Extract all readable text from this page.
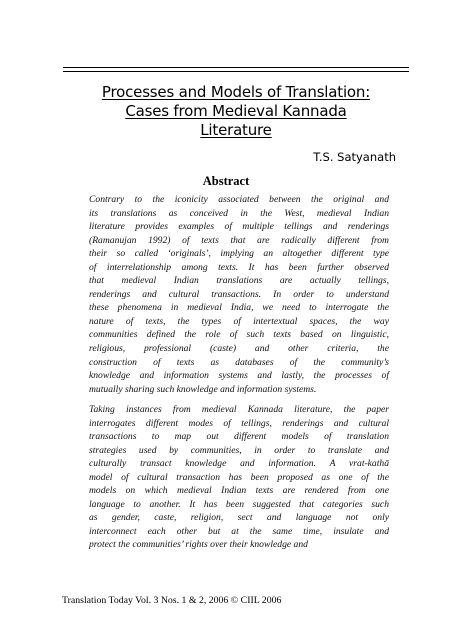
Processes and Models of Translation:
Cases from Medieval Kannada
Literature
T.S. Satyanath
Abstract
Contrary to the iconicity associated between the original and
its translations as conceived in the West, medieval Indian
literature provides examples of multiple tellings and renderings
(Ramanujan 1992) of texts that are radically different from
their so called ‘originals’, implying an altogether different type
of interrelationship among texts. It has been further observed
that medieval Indian translations are actually tellings,
renderings and cultural transactions. In order to understand
these phenomena in medieval India, we need to interrogate the
nature of texts, the types of intertextual spaces, the way
communities defined the role of such texts based on linguistic,
religious, professional (caste) and other criteria, the
construction of texts as databases of the community’s
knowledge and information systems and lastly, the processes of
mutually sharing such knowledge and information systems.
Taking instances from medieval Kannada literature, the paper
interrogates different modes of tellings, renderings and cultural
transactions to map out different models of translation
strategies used by communities, in order to translate and
culturally transact knowledge and information. A vrat-kathā
model of cultural transaction has been proposed as one of the
models on which medieval Indian texts are rendered from one
language to another. It has been suggested that categories such
as gender, caste, religion, sect and language not only
interconnect each other but at the same time, insulate and
protect the communities’ rights over their knowledge and
Translation Today Vol. 3 Nos. 1 & 2, 2006 © CIIL 2006
